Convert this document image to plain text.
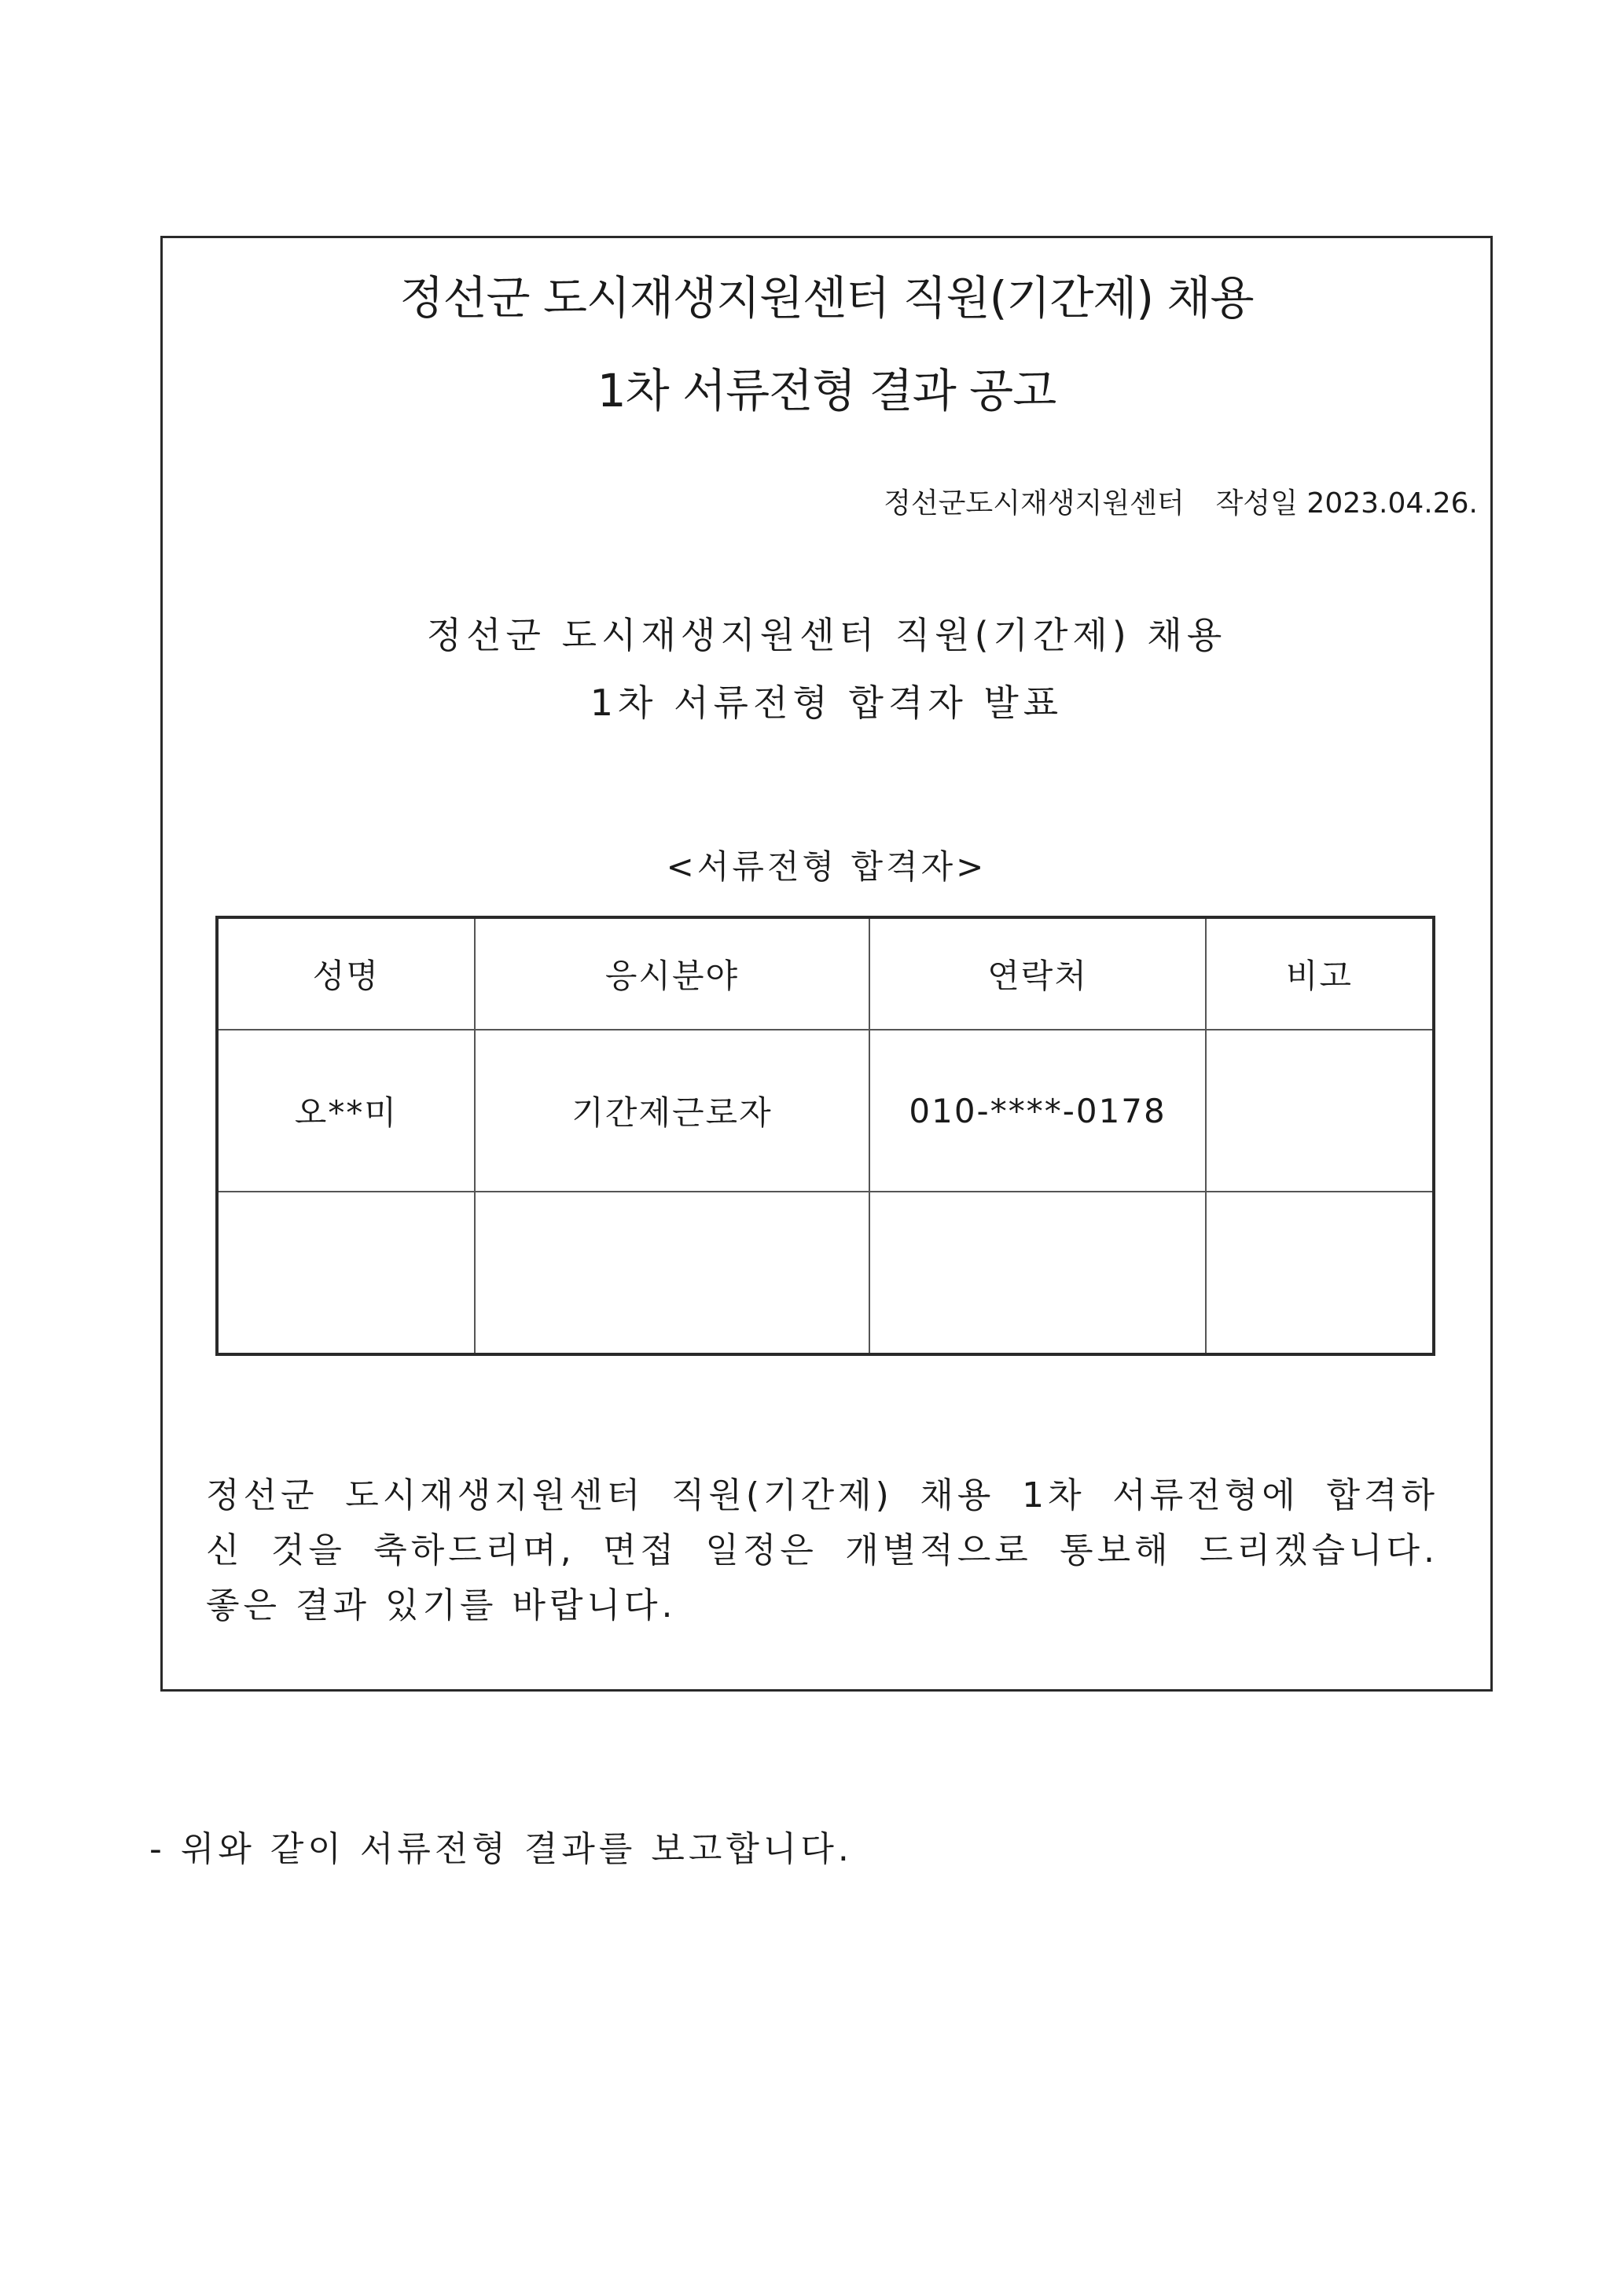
정선군 도시재생지원센터 직원(기간제) 채용
1차 서류전형 결과 공고
정선군도시재생지원센터 작성일 2023.04.26.
정선군 도시재생지원센터 직원(기간제) 채용
1차 서류전형 합격자 발표
<서류전형 합격자>
성명	응시분야	연락처	비고
오**미	기간제근로자	010-****-0178	

정선군 도시재생지원센터 직원(기간제) 채용 1차 서류전형에 합격하

신 것을 축하드리며, 면접 일정은 개별적으로 통보해 드리겠습니다.

좋은 결과 있기를 바랍니다.

- 위와 같이 서류전형 결과를 보고합니다.
